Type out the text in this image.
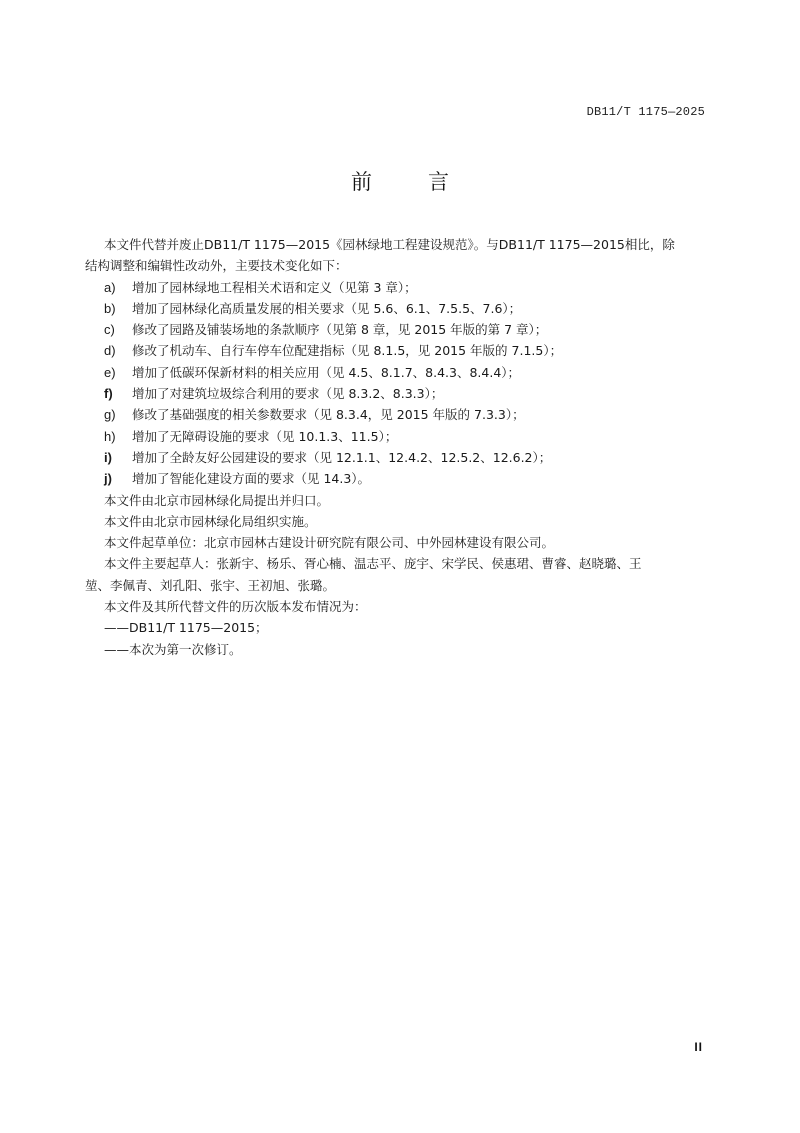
DB11/T 1175—2025
前	言
本文件代替并废止DB11/T 1175—2015《园林绿地工程建设规范》。与DB11/T 1175—2015相比，除
结构调整和编辑性改动外，主要技术变化如下：
a)	增加了园林绿地工程相关术语和定义（见第 3 章）；
b)	增加了园林绿化高质量发展的相关要求（见 5.6、6.1、7.5.5、7.6）；
c)	修改了园路及铺装场地的条款顺序（见第 8 章，见 2015 年版的第 7 章）；
d)	修改了机动车、自行车停车位配建指标（见 8.1.5，见 2015 年版的 7.1.5）；
e)	增加了低碳环保新材料的相关应用（见 4.5、8.1.7、8.4.3、8.4.4）；
f)	增加了对建筑垃圾综合利用的要求（见 8.3.2、8.3.3）；
g)	修改了基础强度的相关参数要求（见 8.3.4，见 2015 年版的 7.3.3）；
h)	增加了无障碍设施的要求（见 10.1.3、11.5）；
i)	增加了全龄友好公园建设的要求（见 12.1.1、12.4.2、12.5.2、12.6.2）；
j)	增加了智能化建设方面的要求（见 14.3）。
本文件由北京市园林绿化局提出并归口。
本文件由北京市园林绿化局组织实施。
本文件起草单位：北京市园林古建设计研究院有限公司、中外园林建设有限公司。
本文件主要起草人：张新宇、杨乐、胥心楠、温志平、庞宇、宋学民、侯惠珺、曹睿、赵晓璐、王
堃、李佩青、刘孔阳、张宇、王初旭、张璐。
本文件及其所代替文件的历次版本发布情况为：
——DB11/T 1175—2015；
——本次为第一次修订。
II
